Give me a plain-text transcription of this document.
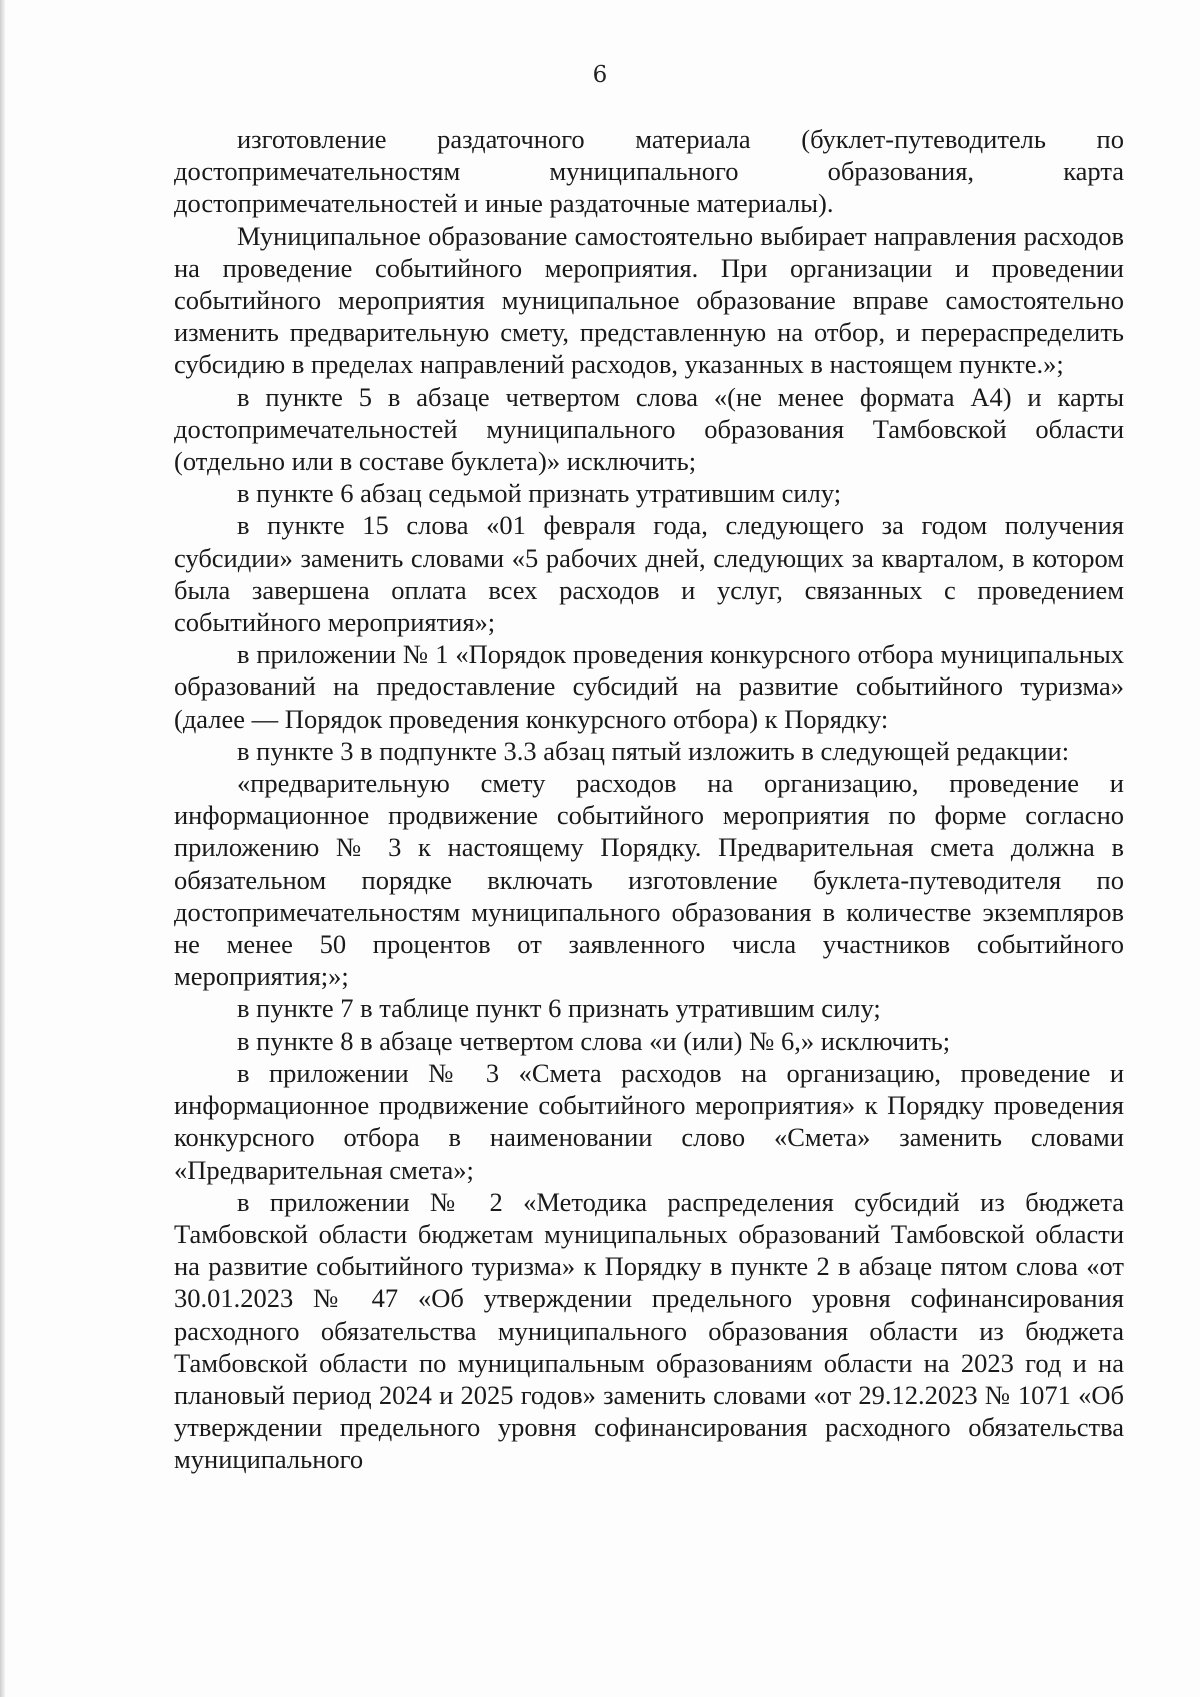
6

изготовление раздаточного материала (буклет-путеводитель по достопримечательностям муниципального образования, карта достопримечательностей и иные раздаточные материалы).

Муниципальное образование самостоятельно выбирает направления расходов на проведение событийного мероприятия. При организации и проведении событийного мероприятия муниципальное образование вправе самостоятельно изменить предварительную смету, представленную на отбор, и перераспределить субсидию в пределах направлений расходов, указанных в настоящем пункте.»;

в пункте 5 в абзаце четвертом слова «(не менее формата А4) и карты достопримечательностей муниципального образования Тамбовской области (отдельно или в составе буклета)» исключить;

в пункте 6 абзац седьмой признать утратившим силу;

в пункте 15 слова «01 февраля года, следующего за годом получения субсидии» заменить словами «5 рабочих дней, следующих за кварталом, в котором была завершена оплата всех расходов и услуг, связанных с проведением событийного мероприятия»;

в приложении № 1 «Порядок проведения конкурсного отбора муниципальных образований на предоставление субсидий на развитие событийного туризма» (далее — Порядок проведения конкурсного отбора) к Порядку:

в пункте 3 в подпункте 3.3 абзац пятый изложить в следующей редакции:

«предварительную смету расходов на организацию, проведение и информационное продвижение событийного мероприятия по форме согласно приложению № 3 к настоящему Порядку. Предварительная смета должна в обязательном порядке включать изготовление буклета-путеводителя по достопримечательностям муниципального образования в количестве экземпляров не менее 50 процентов от заявленного числа участников событийного мероприятия;»;

в пункте 7 в таблице пункт 6 признать утратившим силу;

в пункте 8 в абзаце четвертом слова «и (или) № 6,» исключить;

в приложении № 3 «Смета расходов на организацию, проведение и информационное продвижение событийного мероприятия» к Порядку проведения конкурсного отбора в наименовании слово «Смета» заменить словами «Предварительная смета»;

в приложении № 2 «Методика распределения субсидий из бюджета Тамбовской области бюджетам муниципальных образований Тамбовской области на развитие событийного туризма» к Порядку в пункте 2 в абзаце пятом слова «от 30.01.2023 № 47 «Об утверждении предельного уровня софинансирования расходного обязательства муниципального образования области из бюджета Тамбовской области по муниципальным образованиям области на 2023 год и на плановый период 2024 и 2025 годов» заменить словами «от 29.12.2023 № 1071 «Об утверждении предельного уровня софинансирования расходного обязательства муниципального
